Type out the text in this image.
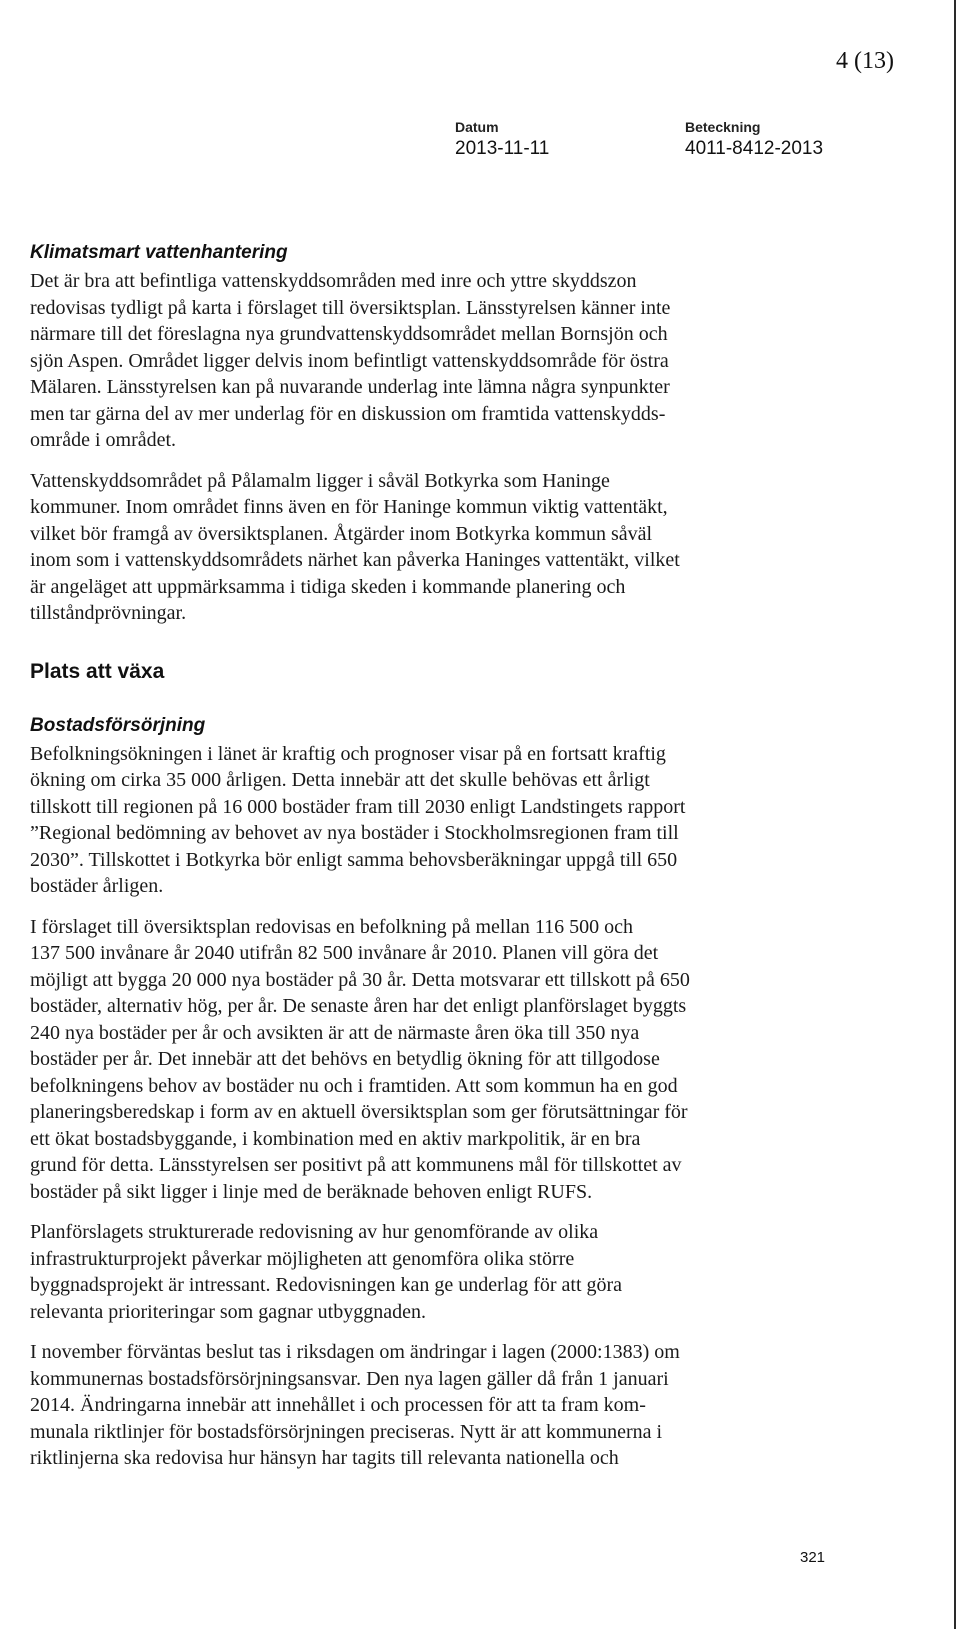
4 (13)
Datum
2013-11-11
Beteckning
4011-8412-2013
Klimatsmart vattenhantering

Det är bra att befintliga vattenskyddsområden med inre och yttre skyddszon
redovisas tydligt på karta i förslaget till översiktsplan. Länsstyrelsen känner inte
närmare till det föreslagna nya grundvattenskyddsområdet mellan Bornsjön och
sjön Aspen. Området ligger delvis inom befintligt vattenskyddsområde för östra
Mälaren. Länsstyrelsen kan på nuvarande underlag inte lämna några synpunkter
men tar gärna del av mer underlag för en diskussion om framtida vattenskydds-
område i området.

Vattenskyddsområdet på Pålamalm ligger i såväl Botkyrka som Haninge
kommuner. Inom området finns även en för Haninge kommun viktig vattentäkt,
vilket bör framgå av översiktsplanen. Åtgärder inom Botkyrka kommun såväl
inom som i vattenskyddsområdets närhet kan påverka Haninges vattentäkt, vilket
är angeläget att uppmärksamma i tidiga skeden i kommande planering och
tillståndprövningar.

Plats att växa
Bostadsförsörjning

Befolkningsökningen i länet är kraftig och prognoser visar på en fortsatt kraftig
ökning om cirka 35 000 årligen. Detta innebär att det skulle behövas ett årligt
tillskott till regionen på 16 000 bostäder fram till 2030 enligt Landstingets rapport
”Regional bedömning av behovet av nya bostäder i Stockholmsregionen fram till
2030”. Tillskottet i Botkyrka bör enligt samma behovsberäkningar uppgå till 650
bostäder årligen.

I förslaget till översiktsplan redovisas en befolkning på mellan 116 500 och
137 500 invånare år 2040 utifrån 82 500 invånare år 2010. Planen vill göra det
möjligt att bygga 20 000 nya bostäder på 30 år. Detta motsvarar ett tillskott på 650
bostäder, alternativ hög, per år. De senaste åren har det enligt planförslaget byggts
240 nya bostäder per år och avsikten är att de närmaste åren öka till 350 nya
bostäder per år. Det innebär att det behövs en betydlig ökning för att tillgodose
befolkningens behov av bostäder nu och i framtiden. Att som kommun ha en god
planeringsberedskap i form av en aktuell översiktsplan som ger förutsättningar för
ett ökat bostadsbyggande, i kombination med en aktiv markpolitik, är en bra
grund för detta. Länsstyrelsen ser positivt på att kommunens mål för tillskottet av
bostäder på sikt ligger i linje med de beräknade behoven enligt RUFS.

Planförslagets strukturerade redovisning av hur genomförande av olika
infrastrukturprojekt påverkar möjligheten att genomföra olika större
byggnadsprojekt är intressant. Redovisningen kan ge underlag för att göra
relevanta prioriteringar som gagnar utbyggnaden.

I november förväntas beslut tas i riksdagen om ändringar i lagen (2000:1383) om
kommunernas bostadsförsörjningsansvar. Den nya lagen gäller då från 1 januari
2014. Ändringarna innebär att innehållet i och processen för att ta fram kom-
munala riktlinjer för bostadsförsörjningen preciseras. Nytt är att kommunerna i
riktlinjerna ska redovisa hur hänsyn har tagits till relevanta nationella och

321
